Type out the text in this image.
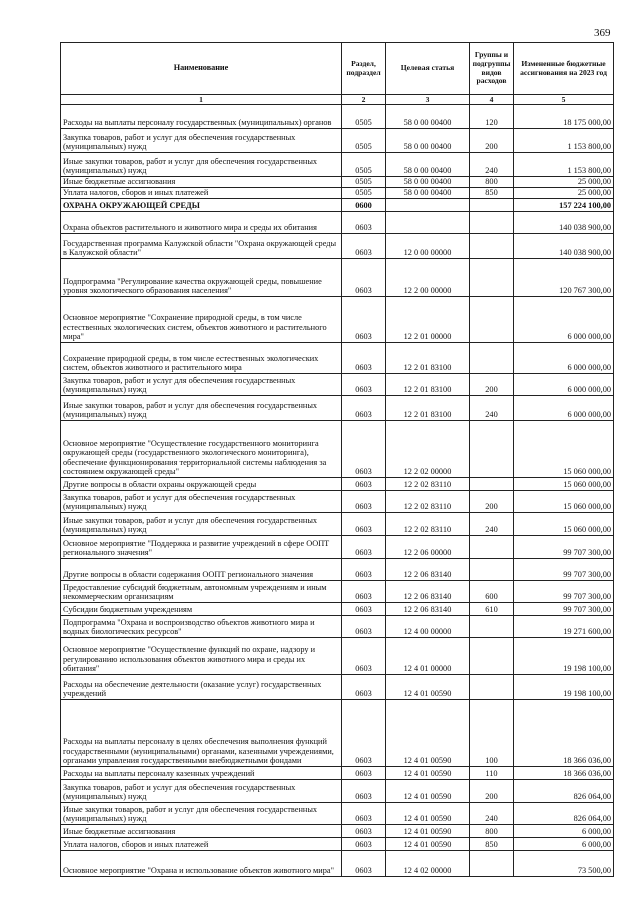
369
Наименование	Раздел, подраздел	Целевая статья	Группы и подгруппы видов расходов	Измененные бюджетные ассигнования на 2023 год
1	2	3	4	5
Расходы на выплаты персоналу государственных (муниципальных) органов	0505	58 0 00 00400	120	18 175 000,00
Закупка товаров, работ и услуг для обеспечения государственных (муниципальных) нужд	0505	58 0 00 00400	200	1 153 800,00
Иные закупки товаров, работ и услуг для обеспечения государственных (муниципальных) нужд	0505	58 0 00 00400	240	1 153 800,00
Иные бюджетные ассигнования	0505	58 0 00 00400	800	25 000,00
Уплата налогов, сборов и иных платежей	0505	58 0 00 00400	850	25 000,00
ОХРАНА ОКРУЖАЮЩЕЙ СРЕДЫ	0600			157 224 100,00
Охрана объектов растительного и животного мира и среды их обитания	0603			140 038 900,00
Государственная программа Калужской области "Охрана окружающей среды в Калужской области"	0603	12 0 00 00000		140 038 900,00
Подпрограмма "Регулирование качества окружающей среды, повышение уровня экологического образования населения"	0603	12 2 00 00000		120 767 300,00
Основное мероприятие "Сохранение природной среды, в том числе естественных экологических систем, объектов животного и растительного мира"	0603	12 2 01 00000		6 000 000,00
Сохранение природной среды, в том числе естественных экологических систем, объектов животного и растительного мира	0603	12 2 01 83100		6 000 000,00
Закупка товаров, работ и услуг для обеспечения государственных (муниципальных) нужд	0603	12 2 01 83100	200	6 000 000,00
Иные закупки товаров, работ и услуг для обеспечения государственных (муниципальных) нужд	0603	12 2 01 83100	240	6 000 000,00
Основное мероприятие "Осуществление государственного мониторинга окружающей среды (государственного экологического мониторинга), обеспечение функционирования территориальной системы наблюдения за состоянием окружающей среды"	0603	12 2 02 00000		15 060 000,00
Другие вопросы в области охраны окружающей среды	0603	12 2 02 83110		15 060 000,00
Закупка товаров, работ и услуг для обеспечения государственных (муниципальных) нужд	0603	12 2 02 83110	200	15 060 000,00
Иные закупки товаров, работ и услуг для обеспечения государственных (муниципальных) нужд	0603	12 2 02 83110	240	15 060 000,00
Основное мероприятие "Поддержка и развитие учреждений в сфере ООПТ регионального значения"	0603	12 2 06 00000		99 707 300,00
Другие вопросы в области содержания ООПТ регионального значения	0603	12 2 06 83140		99 707 300,00
Предоставление субсидий бюджетным, автономным учреждениям и иным некоммерческим организациям	0603	12 2 06 83140	600	99 707 300,00
Субсидии бюджетным учреждениям	0603	12 2 06 83140	610	99 707 300,00
Подпрограмма "Охрана и воспроизводство объектов животного мира и водных биологических ресурсов"	0603	12 4 00 00000		19 271 600,00
Основное мероприятие "Осуществление функций по охране, надзору и регулированию использования объектов животного мира и среды их обитания"	0603	12 4 01 00000		19 198 100,00
Расходы на обеспечение деятельности (оказание услуг) государственных учреждений	0603	12 4 01 00590		19 198 100,00
Расходы на выплаты персоналу в целях обеспечения выполнения функций государственными (муниципальными) органами, казенными учреждениями, органами управления государственными внебюджетными фондами	0603	12 4 01 00590	100	18 366 036,00
Расходы на выплаты персоналу казенных учреждений	0603	12 4 01 00590	110	18 366 036,00
Закупка товаров, работ и услуг для обеспечения государственных (муниципальных) нужд	0603	12 4 01 00590	200	826 064,00
Иные закупки товаров, работ и услуг для обеспечения государственных (муниципальных) нужд	0603	12 4 01 00590	240	826 064,00
Иные бюджетные ассигнования	0603	12 4 01 00590	800	6 000,00
Уплата налогов, сборов и иных платежей	0603	12 4 01 00590	850	6 000,00
Основное мероприятие "Охрана и использование объектов животного мира"	0603	12 4 02 00000		73 500,00
